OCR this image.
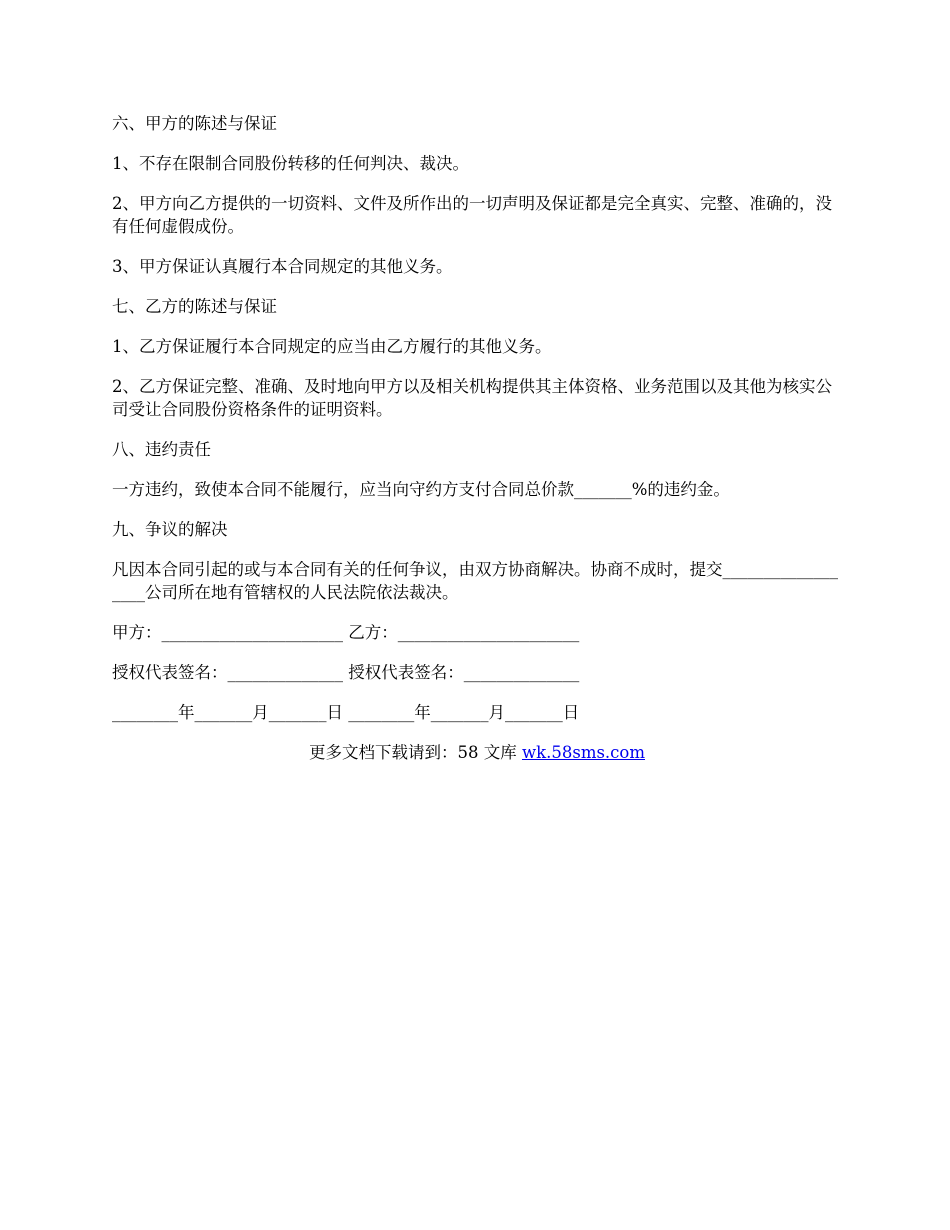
六、甲方的陈述与保证

1、不存在限制合同股份转移的任何判决、裁决。

2、甲方向乙方提供的一切资料、文件及所作出的一切声明及保证都是完全真实、完整、准确的，没有任何虚假成份。

3、甲方保证认真履行本合同规定的其他义务。

七、乙方的陈述与保证

1、乙方保证履行本合同规定的应当由乙方履行的其他义务。

2、乙方保证完整、准确、及时地向甲方以及相关机构提供其主体资格、业务范围以及其他为核实公司受让合同股份资格条件的证明资料。

八、违约责任

一方违约，致使本合同不能履行，应当向守约方支付合同总价款_______%的违约金。

九、争议的解决

凡因本合同引起的或与本合同有关的任何争议，由双方协商解决。协商不成时，提交__________________公司所在地有管辖权的人民法院依法裁决。

甲方：______________________ 乙方：______________________

授权代表签名：______________ 授权代表签名：______________

________年_______月_______日 ________年_______月_______日

更多文档下载请到：58 文库 wk.58sms.com
